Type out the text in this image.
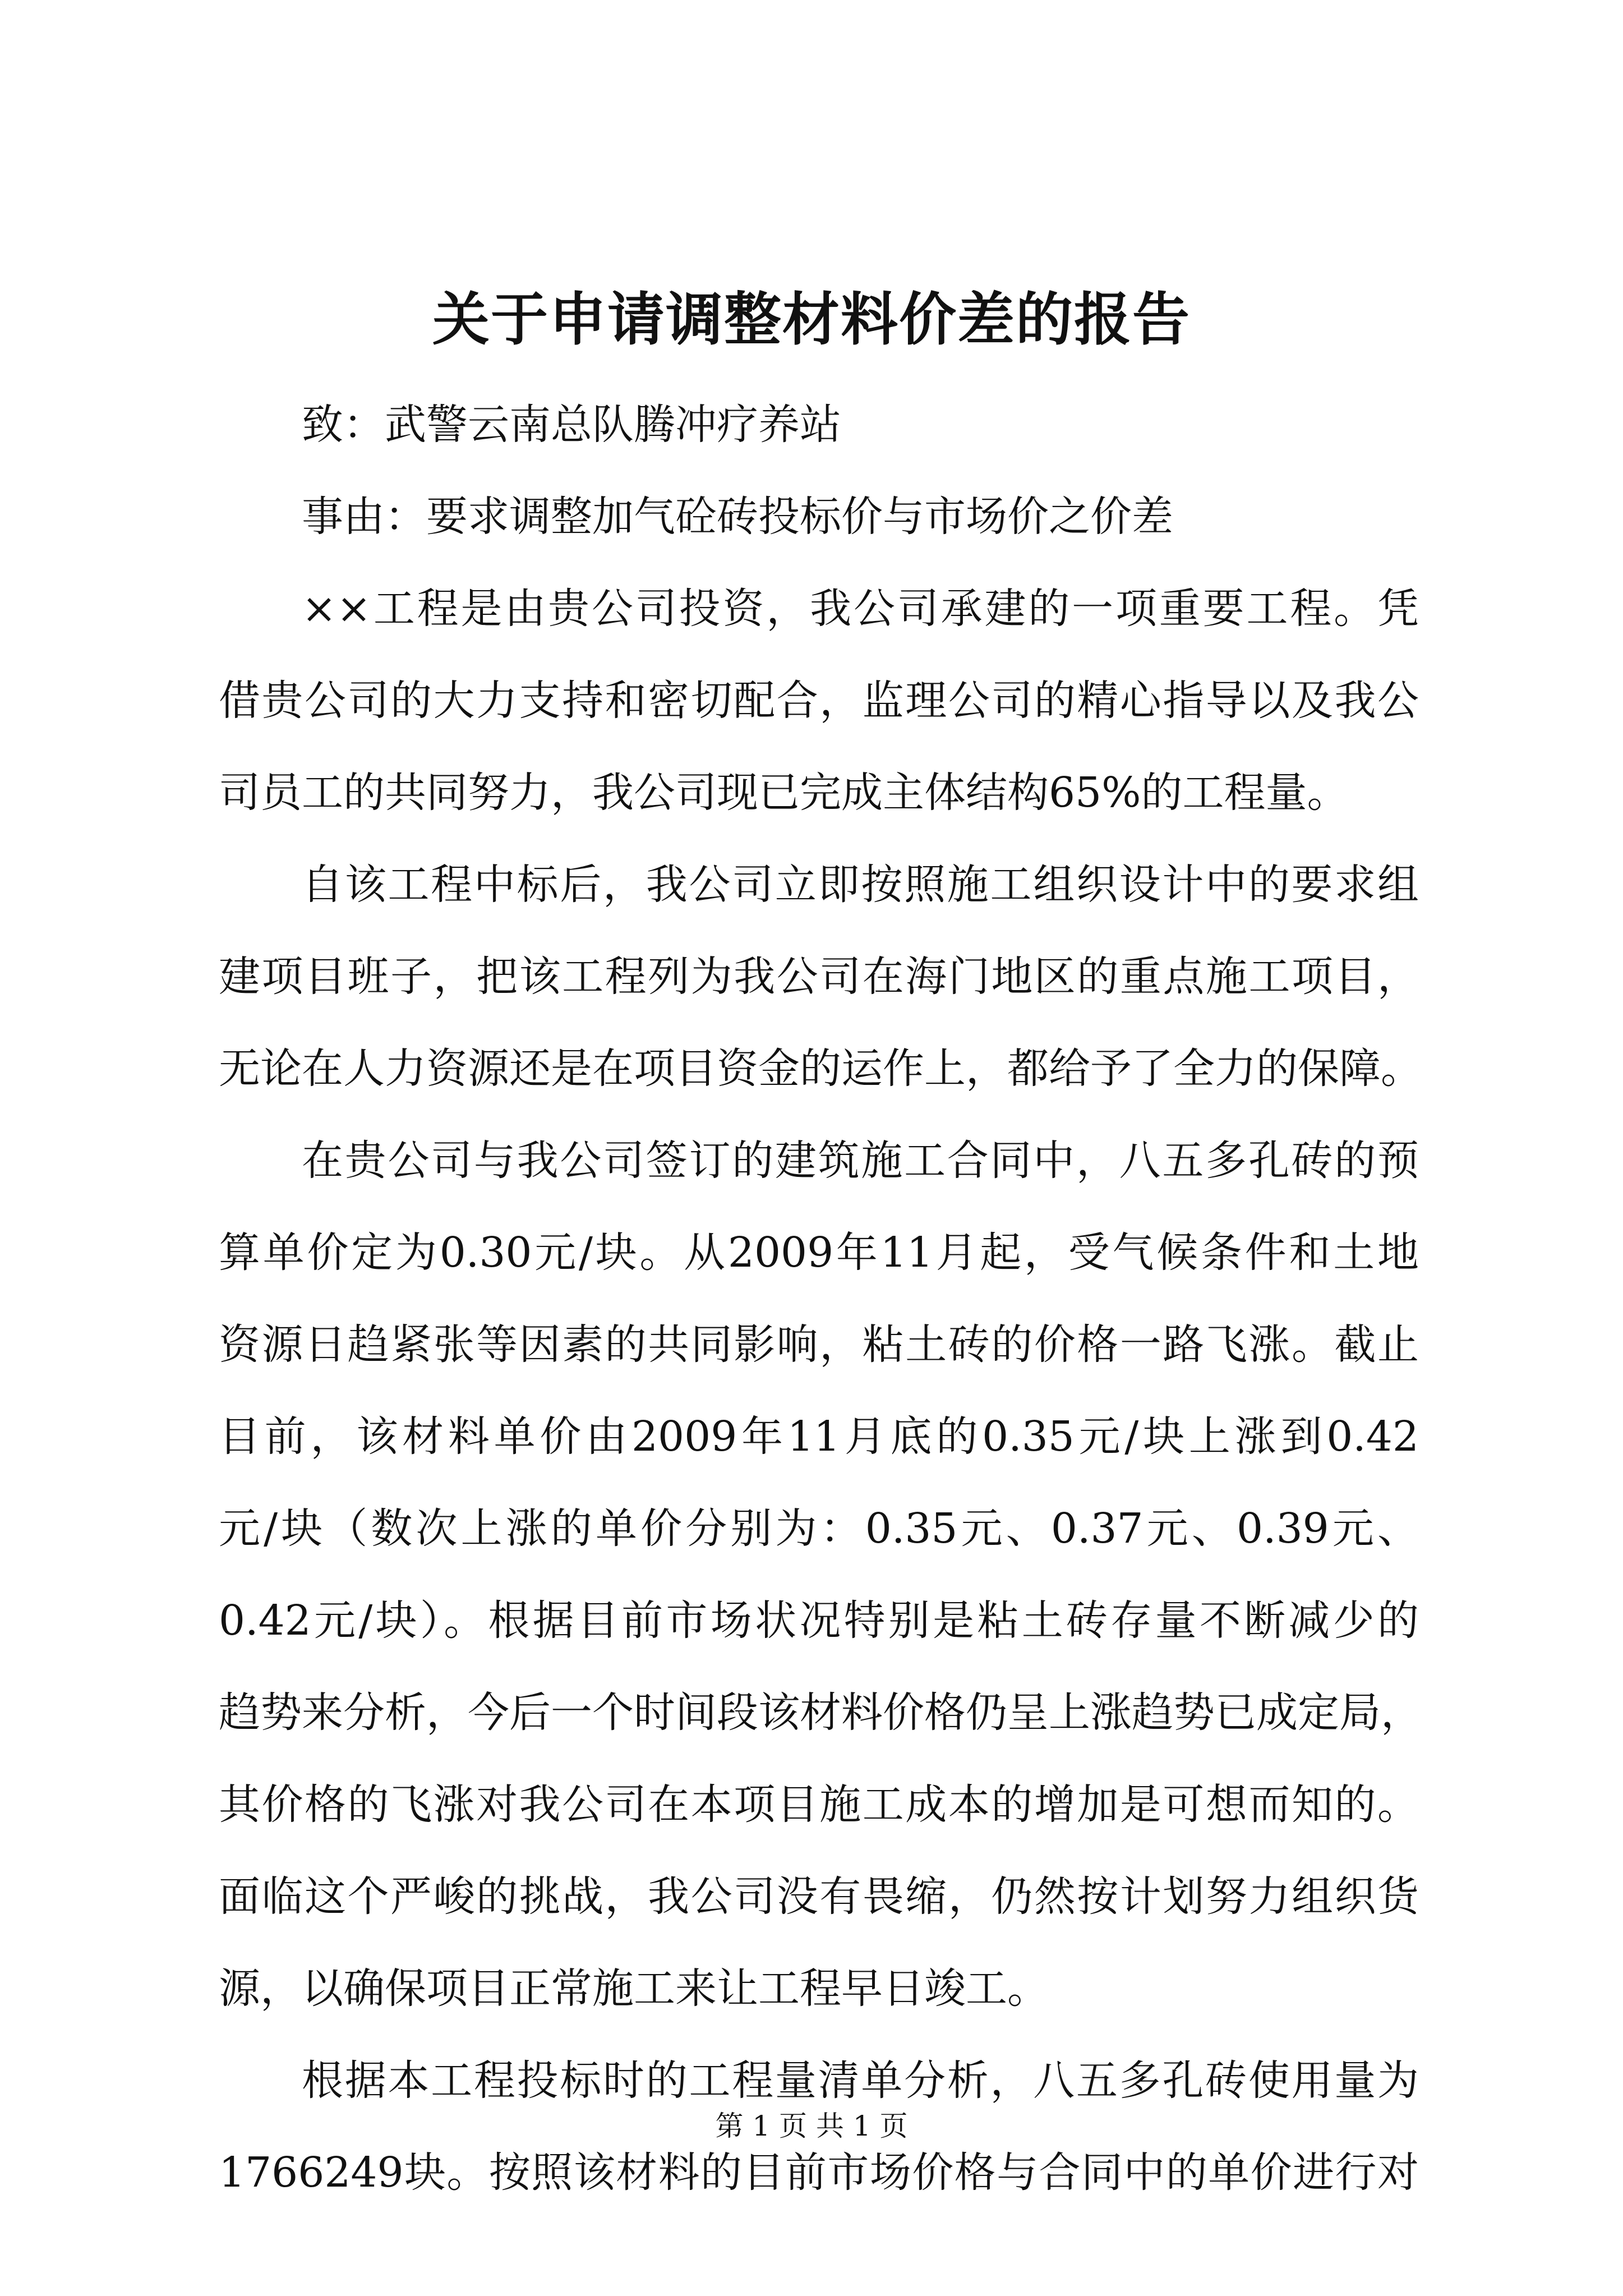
关于申请调整材料价差的报告
致：武警云南总队腾冲疗养站
事由：要求调整加气砼砖投标价与市场价之价差
××工程是由贵公司投资，我公司承建的一项重要工程。凭
借贵公司的大力支持和密切配合，监理公司的精心指导以及我公
司员工的共同努力，我公司现已完成主体结构65%的工程量。
自该工程中标后，我公司立即按照施工组织设计中的要求组
建项目班子，把该工程列为我公司在海门地区的重点施工项目，
无论在人力资源还是在项目资金的运作上，都给予了全力的保障。
在贵公司与我公司签订的建筑施工合同中，八五多孔砖的预
算单价定为0.30元/块。从2009年11月起，受气候条件和土地
资源日趋紧张等因素的共同影响，粘土砖的价格一路飞涨。截止
目前，该材料单价由2009年11月底的0.35元/块上涨到0.42
元/块（数次上涨的单价分别为：0.35元、0.37元、0.39元、
0.42元/块）。根据目前市场状况特别是粘土砖存量不断减少的
趋势来分析，今后一个时间段该材料价格仍呈上涨趋势已成定局，
其价格的飞涨对我公司在本项目施工成本的增加是可想而知的。
面临这个严峻的挑战，我公司没有畏缩，仍然按计划努力组织货
源，以确保项目正常施工来让工程早日竣工。
根据本工程投标时的工程量清单分析，八五多孔砖使用量为
1766249块。按照该材料的目前市场价格与合同中的单价进行对
第 1 页 共 1 页
